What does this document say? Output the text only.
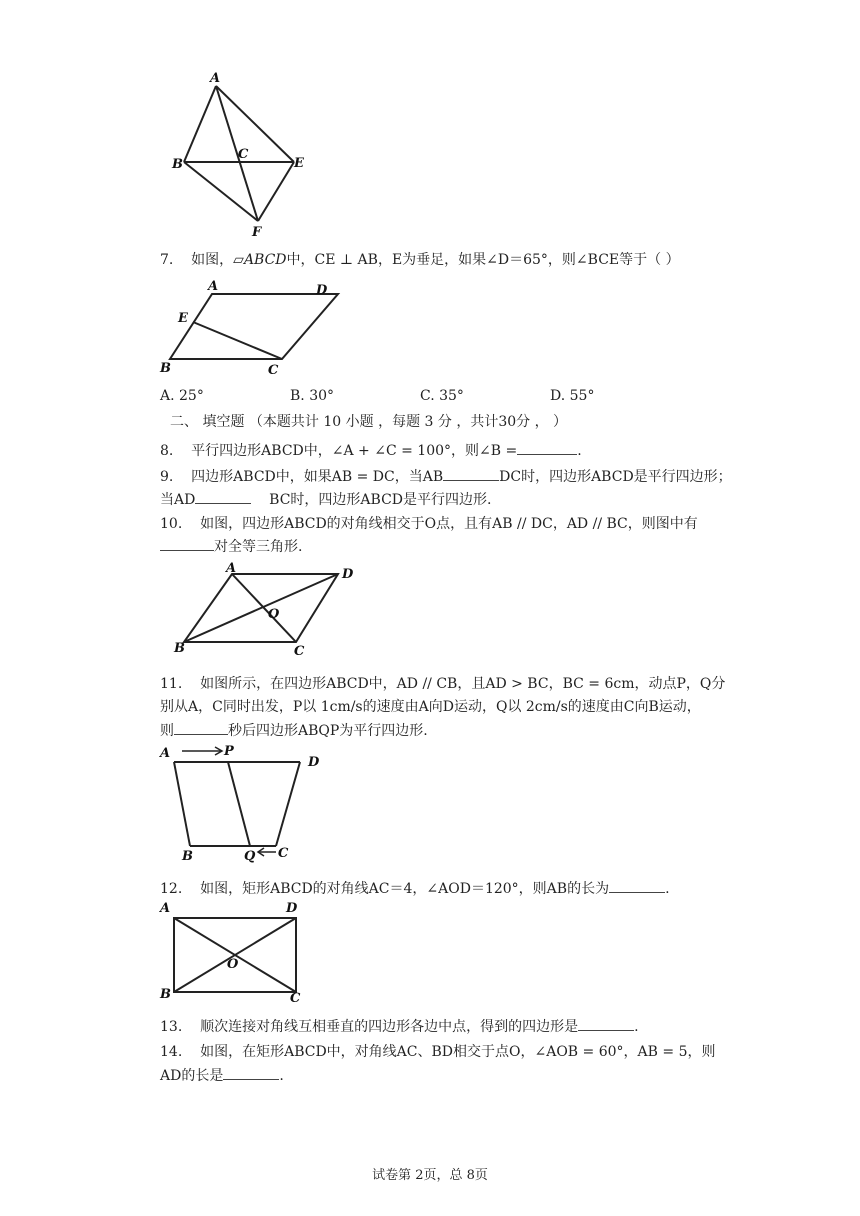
A
B
C
E
F
7. 如图，▱ABCD中，CE ⊥ AB，E为垂足，如果∠D＝65°，则∠BCE等于（ ）
A	D
E
B	C
A. 25°	B. 30°	C. 35°	D. 55°
二、 填空题 （本题共计 10 小题 ，每题 3 分 ，共计30分 ， ）
8. 平行四边形ABCD中，∠A + ∠C = 100°，则∠B =	.
9. 四边形ABCD中，如果AB = DC，当AB	DC时，四边形ABCD是平行四边形；
当AD	BC时，四边形ABCD是平行四边形.
10. 如图，四边形ABCD的对角线相交于O点，且有AB // DC，AD // BC，则图中有
对全等三角形.
A	D
O
B	C
11. 如图所示，在四边形ABCD中，AD // CB，且AD > BC，BC = 6cm，动点P，Q分
别从A，C同时出发，P以 1cm/s的速度由A向D运动，Q以 2cm/s的速度由C向B运动，
则	秒后四边形ABQP为平行四边形.
A	P
D
B	Q C
12. 如图，矩形ABCD的对角线AC＝4，∠AOD＝120°，则AB的长为	.
A	D
O
B	C
13. 顺次连接对角线互相垂直的四边形各边中点，得到的四边形是	.
14. 如图，在矩形ABCD中，对角线AC、BD相交于点O，∠AOB = 60°，AB = 5，则
AD的长是	.
试卷第 2页，总 8页
